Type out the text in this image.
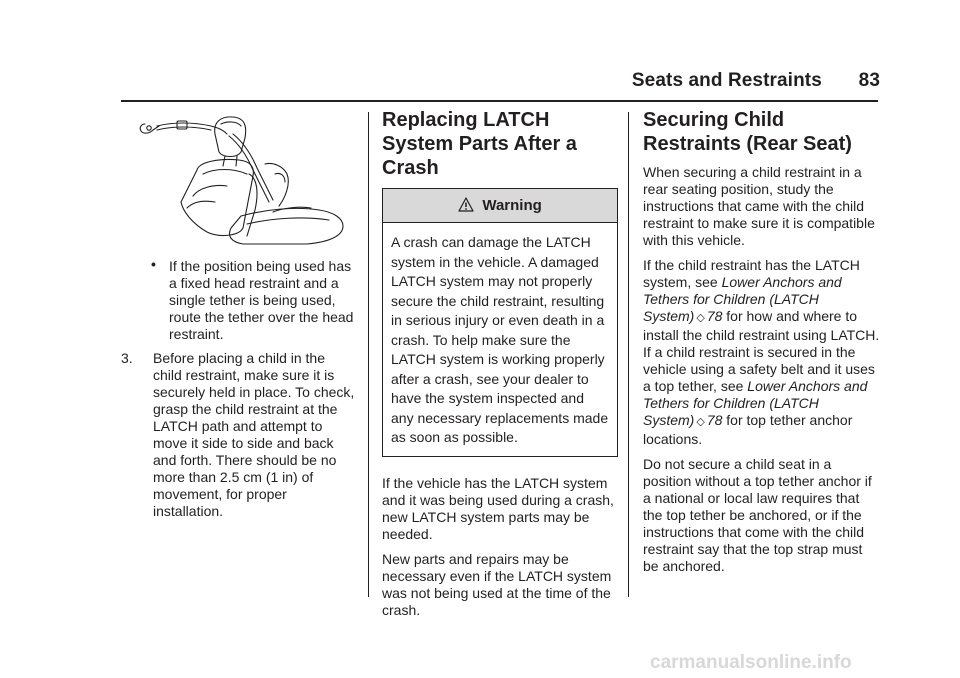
Seats and Restraints 83
• If the position being used has a fixed head restraint and a single tether is being used, route the tether over the head restraint.
3. Before placing a child in the child restraint, make sure it is securely held in place. To check, grasp the child restraint at the LATCH path and attempt to move it side to side and back and forth. There should be no more than 2.5 cm (1 in) of movement, for proper installation.
Replacing LATCH System Parts After a Crash
Warning
A crash can damage the LATCH system in the vehicle. A damaged LATCH system may not properly secure the child restraint, resulting in serious injury or even death in a crash. To help make sure the LATCH system is working properly after a crash, see your dealer to have the system inspected and any necessary replacements made as soon as possible.

If the vehicle has the LATCH system and it was being used during a crash, new LATCH system parts may be needed.

New parts and repairs may be necessary even if the LATCH system was not being used at the time of the crash.

Securing Child Restraints (Rear Seat)

When securing a child restraint in a rear seating position, study the instructions that came with the child restraint to make sure it is compatible with this vehicle.

If the child restraint has the LATCH system, see Lower Anchors and Tethers for Children (LATCH System) ◇ 78 for how and where to install the child restraint using LATCH. If a child restraint is secured in the vehicle using a safety belt and it uses a top tether, see Lower Anchors and Tethers for Children (LATCH System) ◇ 78 for top tether anchor locations.

Do not secure a child seat in a position without a top tether anchor if a national or local law requires that the top tether be anchored, or if the instructions that come with the child restraint say that the top strap must be anchored.

carmanualsonline.info
